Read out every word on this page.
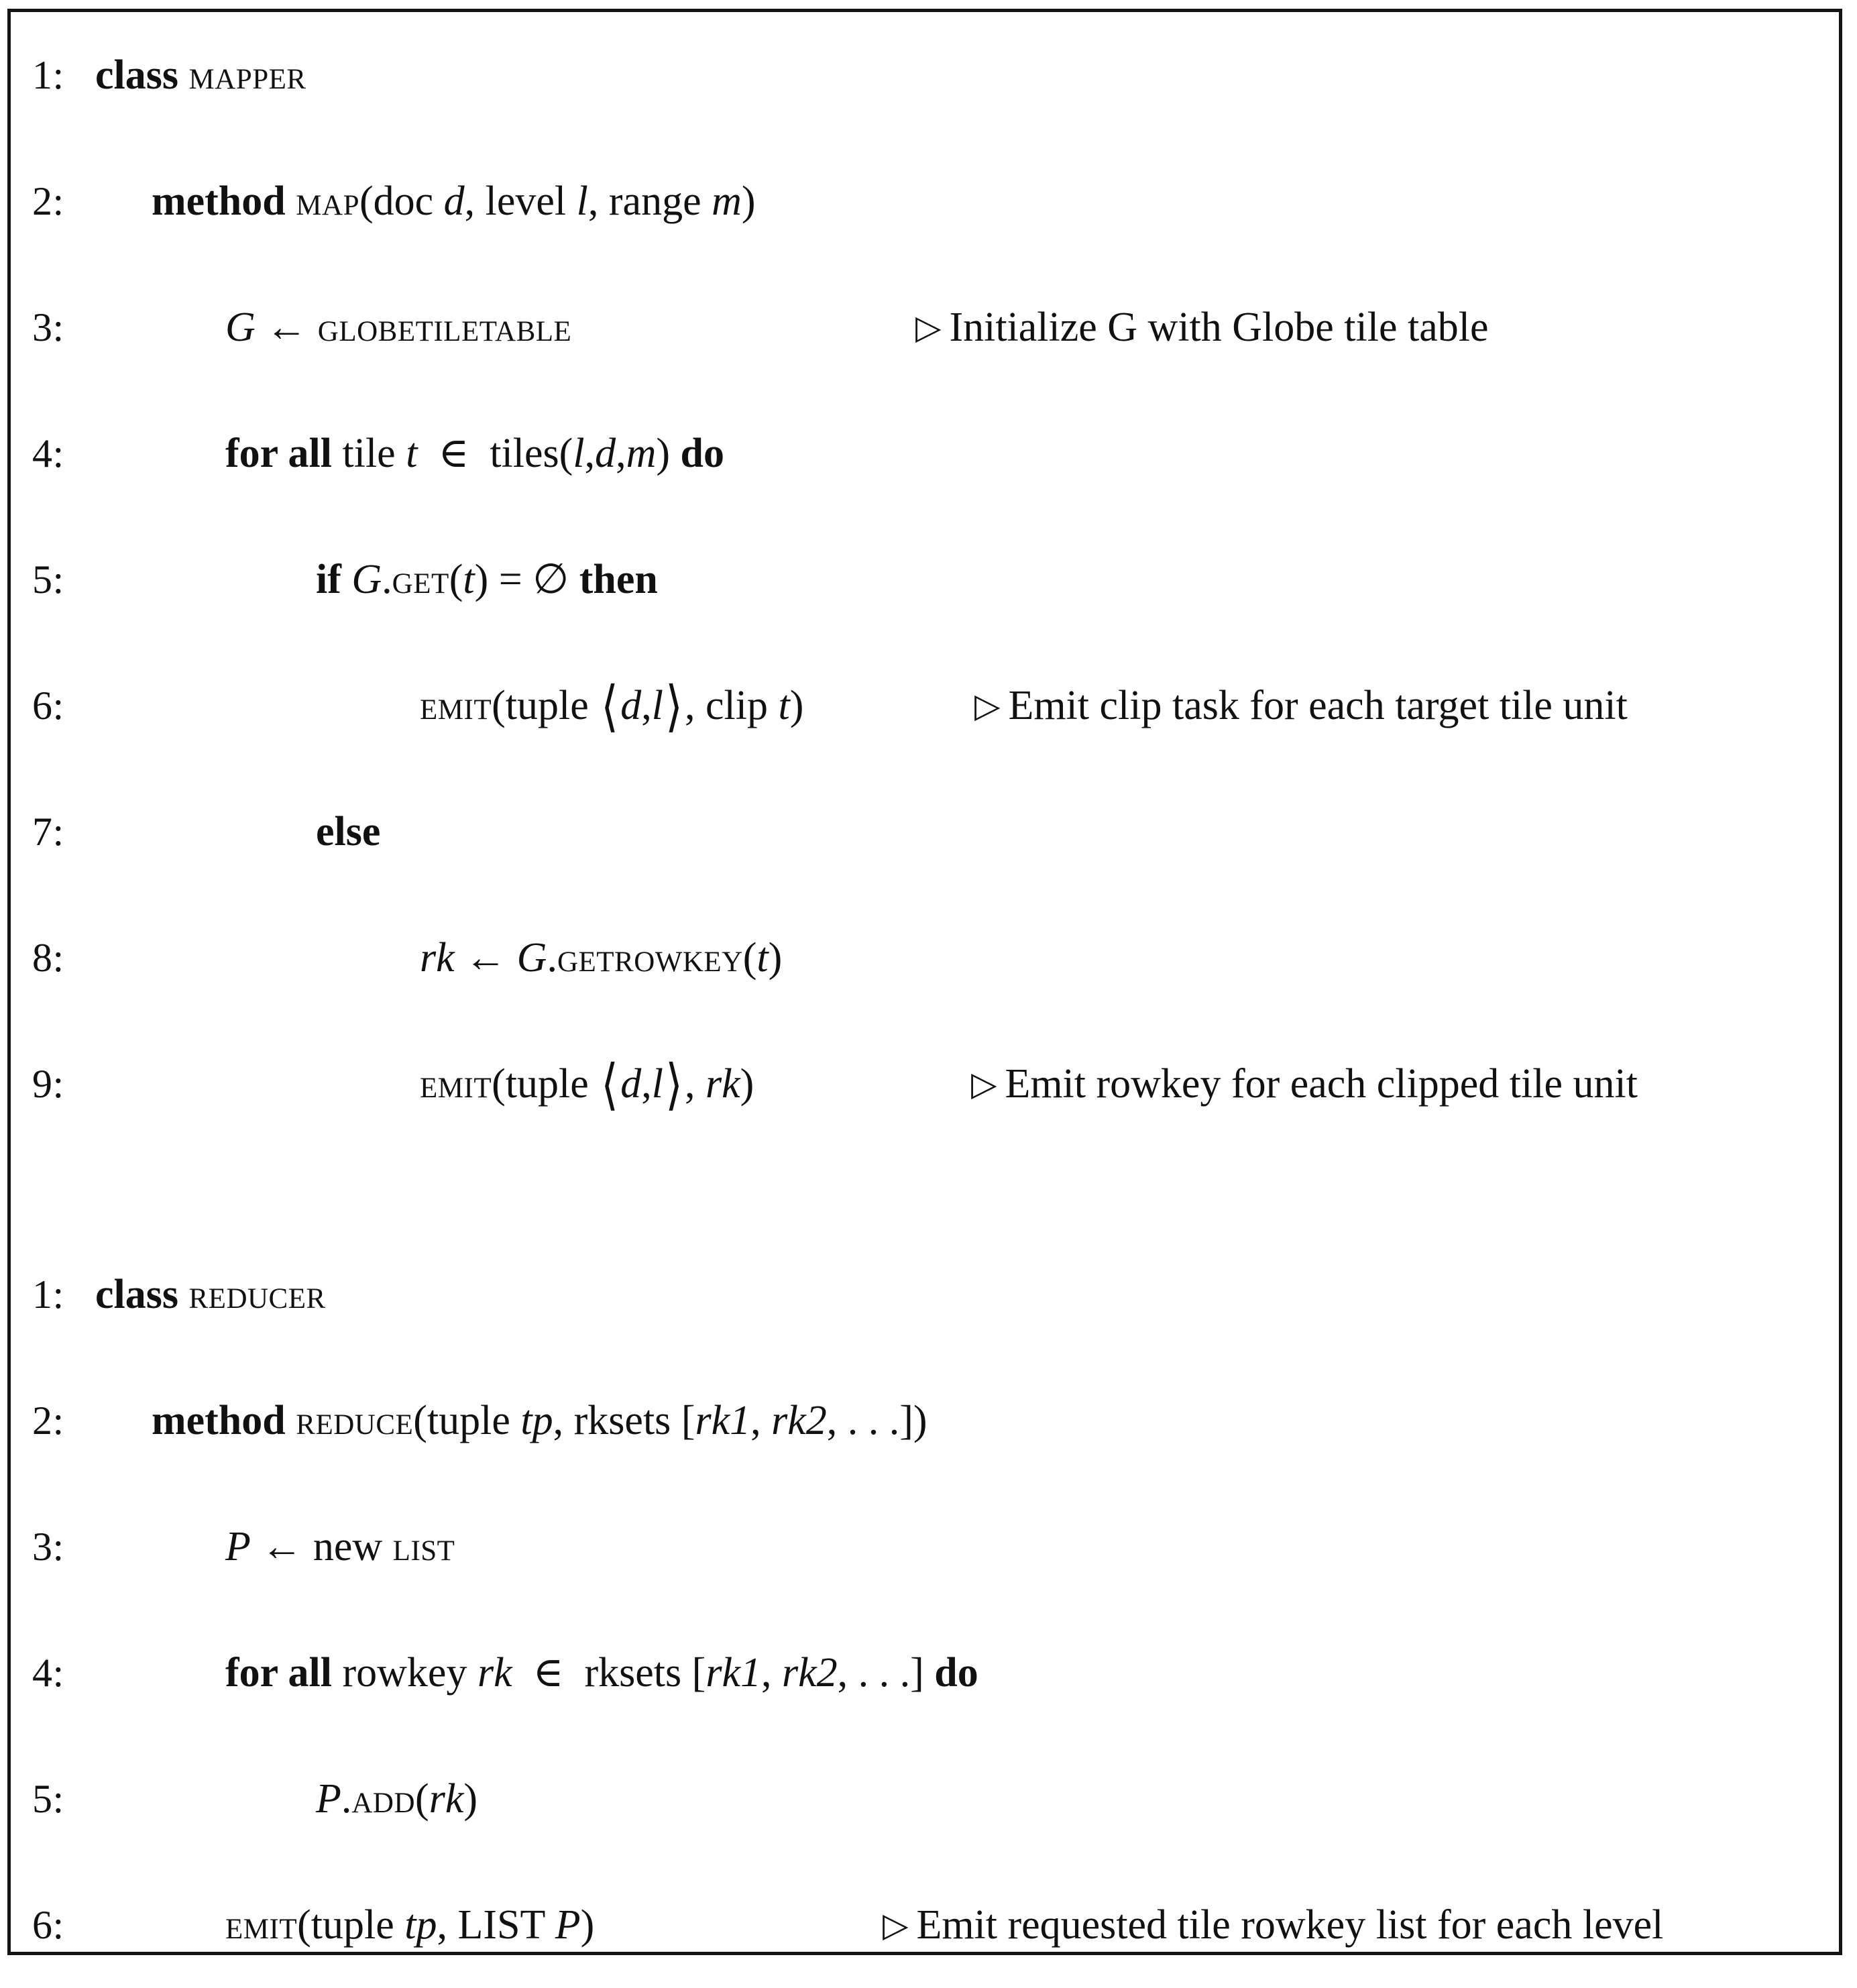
1: class mapper
2:	method map(doc d, level l, range m)
3:	G ← globetiletable	▷ Initialize G with Globe tile table
4:	for all tile t ∈ tiles(l,d,m) do
5:	if G.get(t) = ∅ then
6:	emit(tuple ⟨d,l⟩, clip t)	▷ Emit clip task for each target tile unit
7:	else
8:	rk ← G.getrowkey(t)
9:	emit(tuple ⟨d,l⟩, rk)	▷ Emit rowkey for each clipped tile unit
1: class reducer
2:	method reduce(tuple tp, rksets [rk1, rk2, . . .])
3:	P ← new list
4:	for all rowkey rk ∈ rksets [rk1, rk2, . . .] do
5:	P.add(rk)
6:	emit(tuple tp, LIST P)	▷ Emit requested tile rowkey list for each level
